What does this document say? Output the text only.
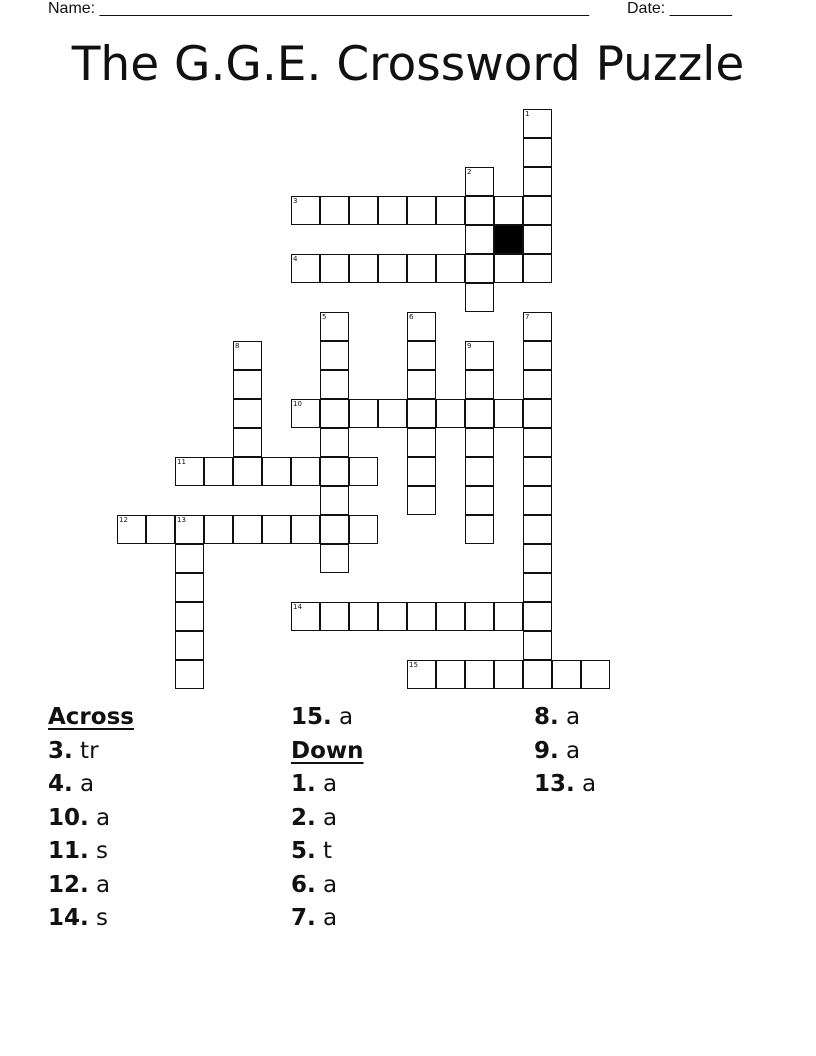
Name: _______________________________________________________ Date: _______
The G.G.E. Crossword Puzzle
1
2
3
4
5	6	7
8	9
10
11
12	13
14
15
Across
3. tr
4. a
10. a
11. s
12. a
14. s
15. a
Down
1. a
2. a
5. t
6. a
7. a
8. a
9. a
13. a
